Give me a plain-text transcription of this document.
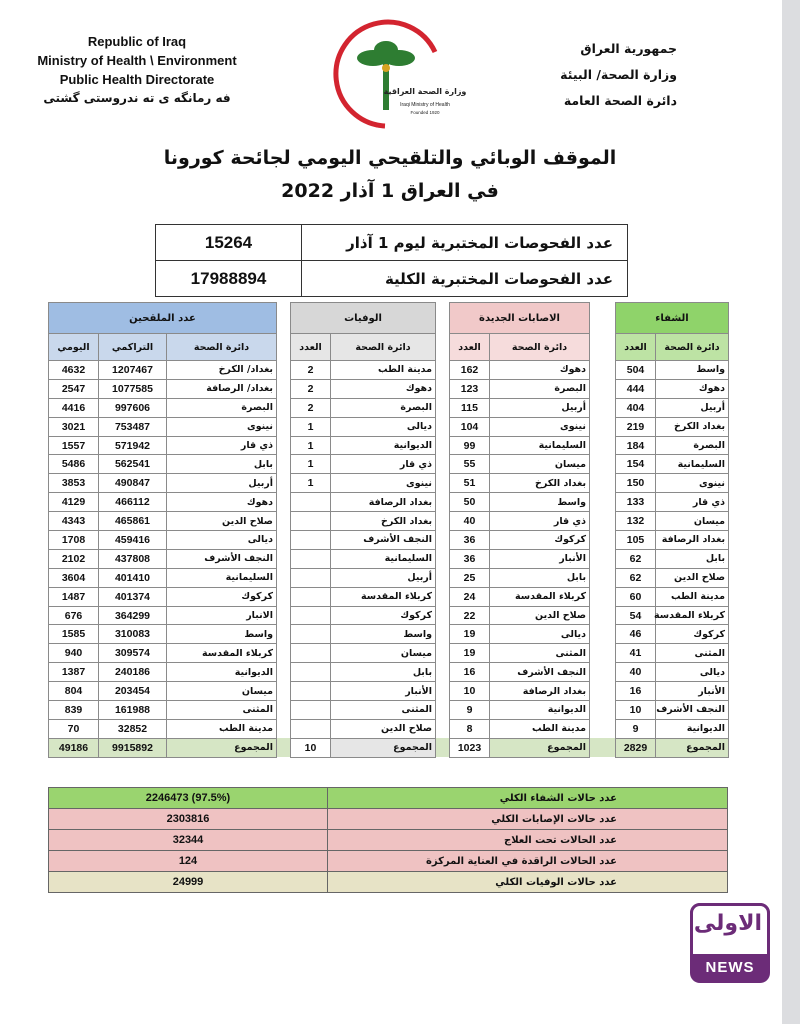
Republic of Iraq
Ministry of Health \ Environment
Public Health Directorate
فه رمانگه ى ته ندروستى گشتى	وزارة الصحة العراقية
Iraqi Ministry of Health
Founded 1920
جمهورية العراق
وزارة الصحة/ البيئة
دائرة الصحة العامة
الموقف الوبائي والتلقيحي اليومي لجائحة كورونا
في العراق 1 آذار 2022
15264	عدد الفحوصات المختبرية ليوم 1 آذار
17988894	عدد الفحوصات المختبرية الكلية
عدد الملقحين				الوفيات			الاصابات الجديدة			الشفاء	
اليومي	التراكمي	دائرة الصحة		العدد	دائرة الصحة		العدد	دائرة الصحة		العدد	دائرة الصحة
4632	1207467	بغداد/ الكرخ		2	مدينة الطب		162	دهوك		504	واسط
2547	1077585	بغداد/ الرصافة		2	دهوك		123	البصرة		444	دهوك
4416	997606	البصرة		2	البصرة		115	أربيل		404	أربيل
3021	753487	نينوى		1	ديالى		104	نينوى		219	بغداد الكرخ
1557	571942	ذي قار		1	الديوانية		99	السليمانية		184	البصرة
5486	562541	بابل		1	ذي قار		55	ميسان		154	السليمانية
3853	490847	أربيل		1	نينوى		51	بغداد الكرخ		150	نينوى
4129	466112	دهوك			بغداد الرصافة		50	واسط		133	ذي قار
4343	465861	صلاح الدين			بغداد الكرخ		40	ذي قار		132	ميسان
1708	459416	ديالى			النجف الأشرف		36	كركوك		105	بغداد الرصافة
2102	437808	النجف الأشرف			السليمانية		36	الأنبار		62	بابل
3604	401410	السليمانية			أربيل		25	بابل		62	صلاح الدين
1487	401374	كركوك			كربلاء المقدسة		24	كربلاء المقدسة		60	مدينة الطب
676	364299	الانبار			كركوك		22	صلاح الدين		54	كربلاء المقدسة
1585	310083	واسط			واسط		19	ديالى		46	كركوك
940	309574	كربلاء المقدسة			ميسان		19	المثنى		41	المثنى
1387	240186	الديوانية			بابل		16	النجف الأشرف		40	ديالى
804	203454	ميسان			الأنبار		10	بغداد الرصافة		16	الأنبار
839	161988	المثنى			المثنى		9	الديوانية		10	النجف الأشرف
70	32852	مدينة الطب			صلاح الدين		8	مدينة الطب		9	الديوانية
49186	9915892	المجموع		10	المجموع		1023	المجموع		2829	المجموع
2246473 (97.5%)	عدد حالات الشفاء الكلي
2303816	عدد حالات الإصابات الكلي
32344	عدد الحالات تحت العلاج
124	عدد الحالات الراقدة في العناية المركزة
24999	عدد حالات الوفيات الكلي
الاولى
NEWS
